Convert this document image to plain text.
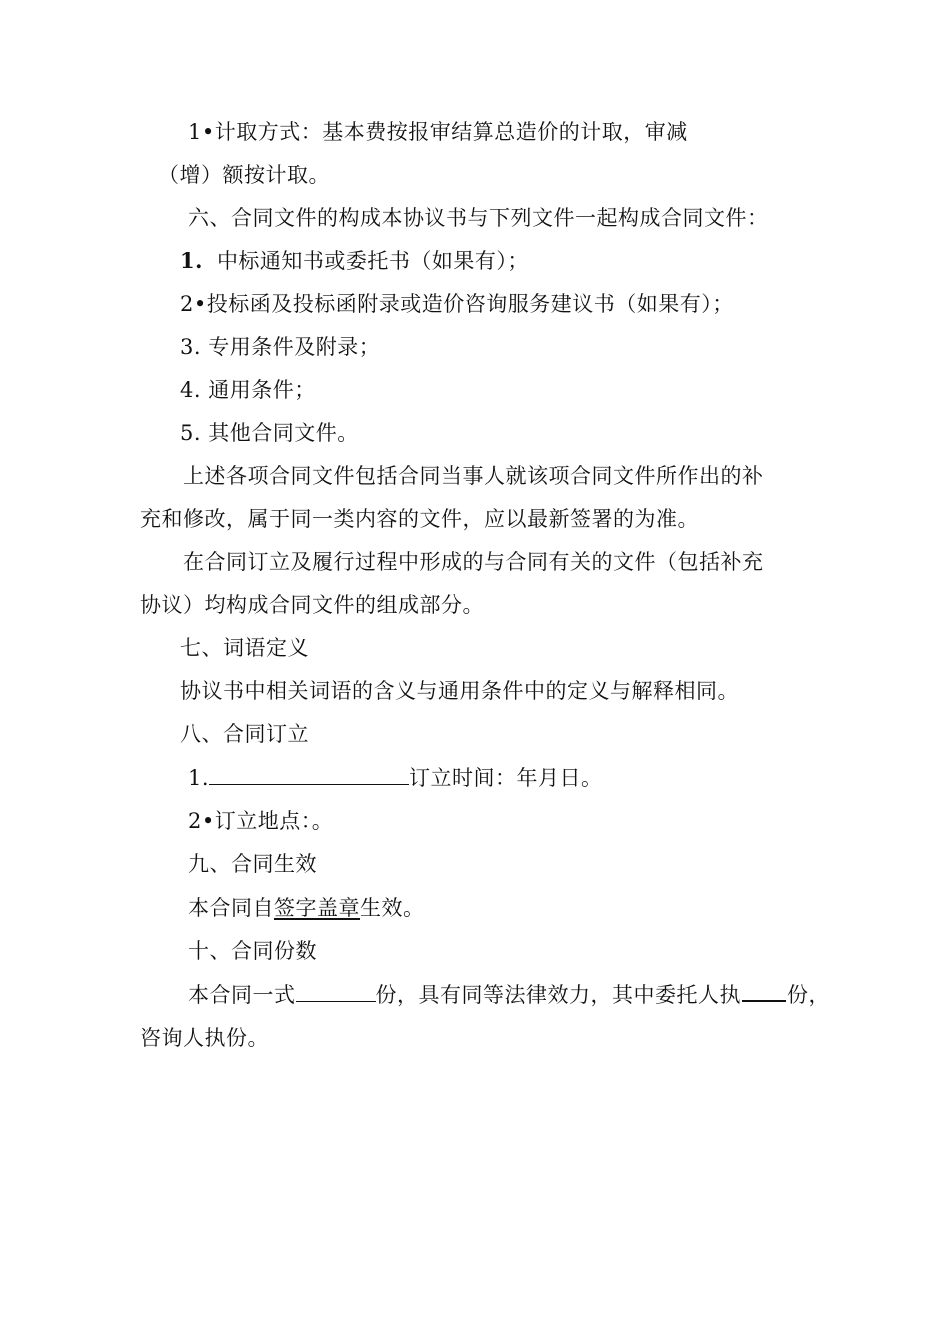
1•计取方式：基本费按报审结算总造价的计取，审减
（增）额按计取。
六、合同文件的构成本协议书与下列文件一起构成合同文件：
1. 中标通知书或委托书（如果有）；
2•投标函及投标函附录或造价咨询服务建议书（如果有）；
3. 专用条件及附录；
4. 通用条件；
5. 其他合同文件。
上述各项合同文件包括合同当事人就该项合同文件所作出的补
充和修改，属于同一类内容的文件，应以最新签署的为准。
在合同订立及履行过程中形成的与合同有关的文件（包括补充
协议）均构成合同文件的组成部分。
七、词语定义
协议书中相关词语的含义与通用条件中的定义与解释相同。
八、合同订立
1.	订立时间：年月日。
2•订立地点：。
九、合同生效
本合同自签字盖章生效。
十、合同份数
本合同一式	份，具有同等法律效力，其中委托人执 份，
咨询人执份。
